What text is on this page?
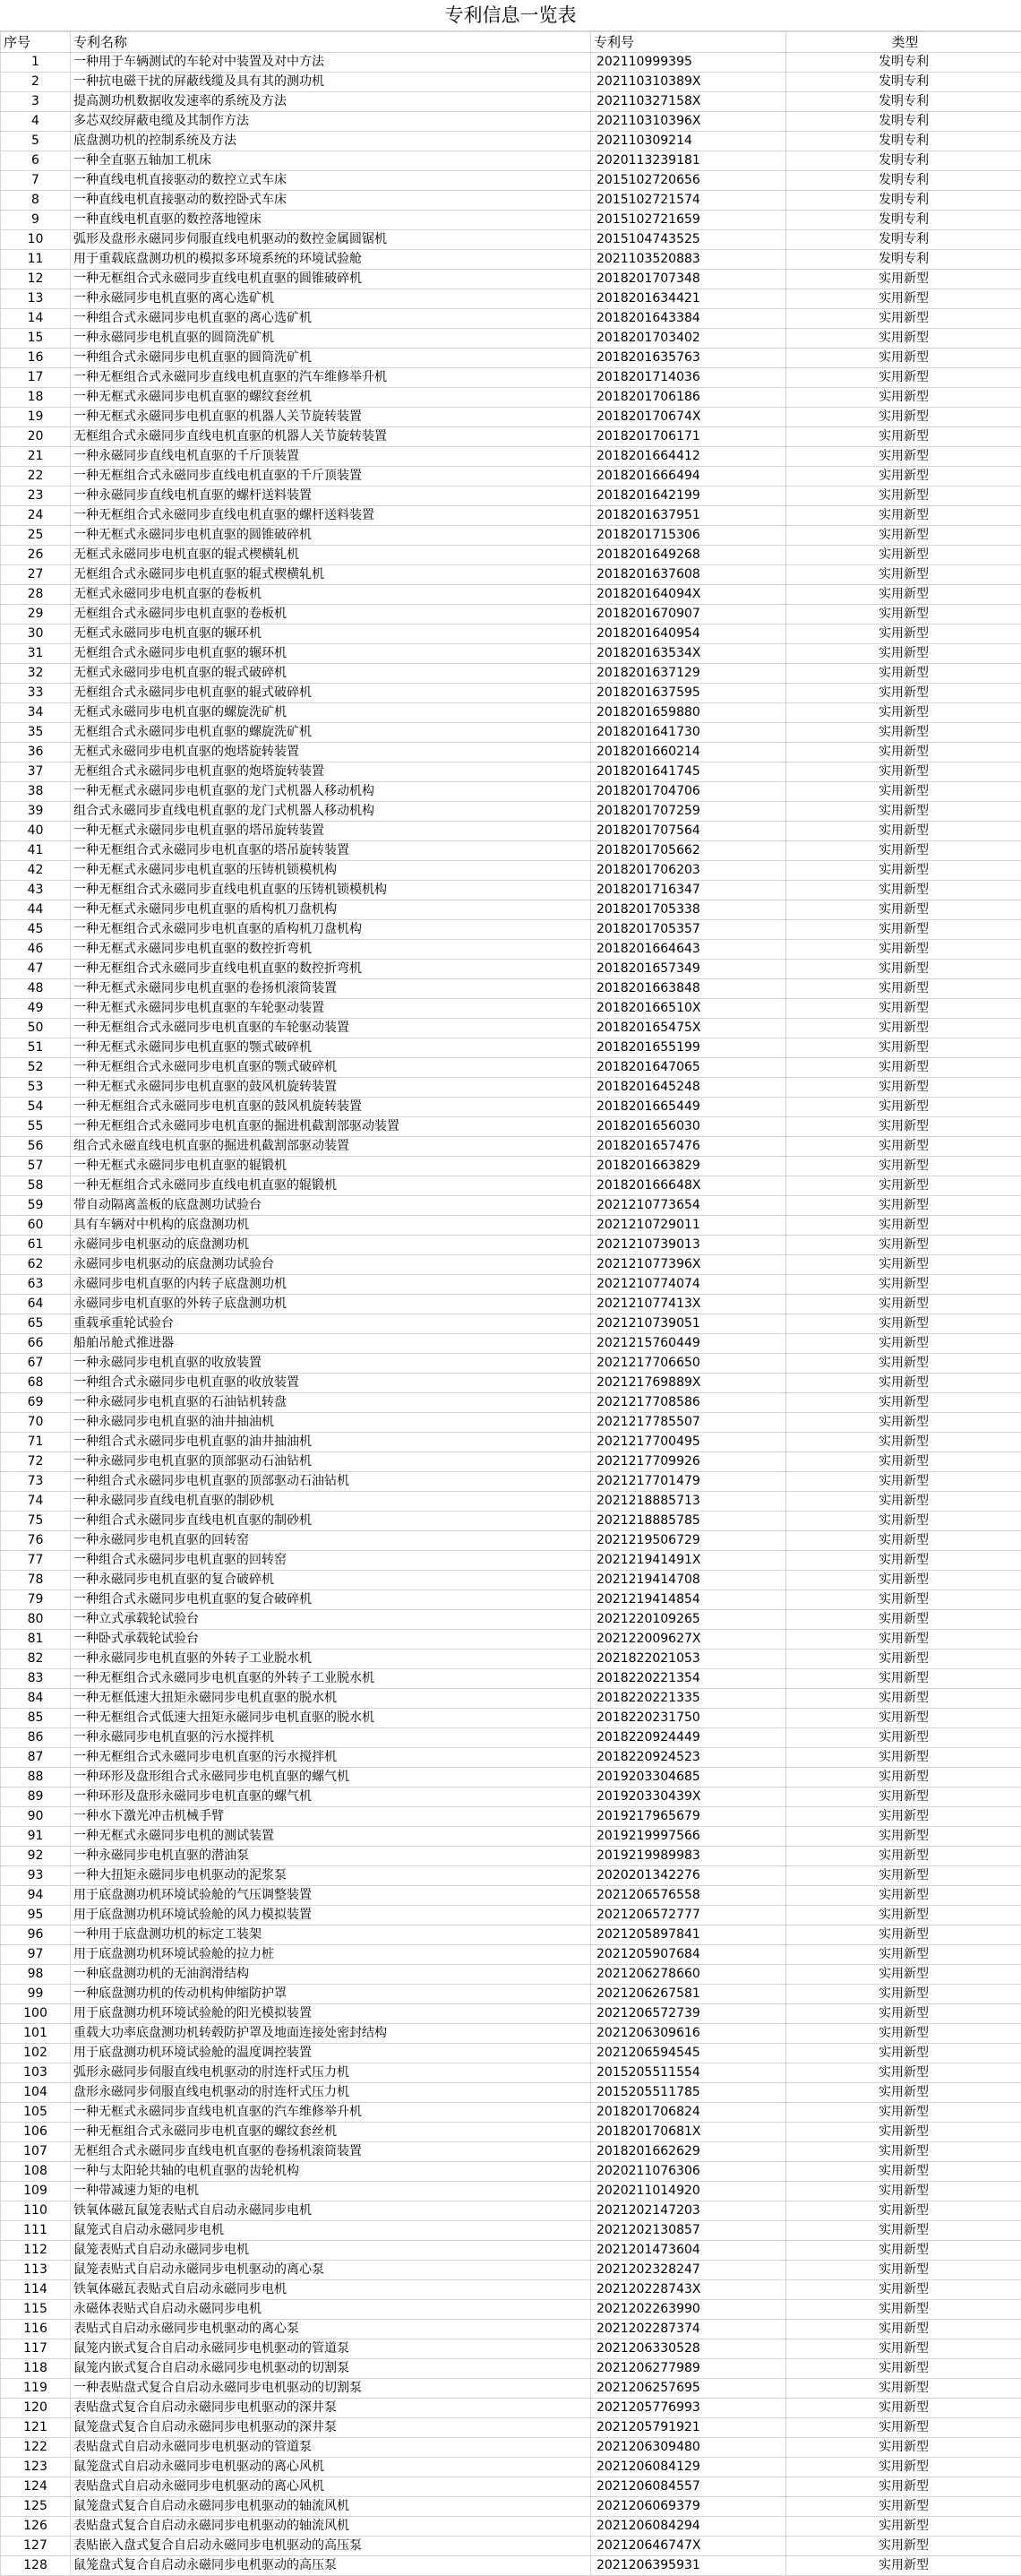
专利信息一览表
序号	专利名称	专利号	类型
1	一种用于车辆测试的车轮对中装置及对中方法	202110999395	发明专利
2	一种抗电磁干扰的屏蔽线缆及具有其的测功机	202110310389X	发明专利
3	提高测功机数据收发速率的系统及方法	202110327158X	发明专利
4	多芯双绞屏蔽电缆及其制作方法	2021103103​96X	发明专利
5	底盘测功机的控制系统及方法	202110309214	发明专利
6	一种全直驱五轴加工机床	2020113239181	发明专利
7	一种直线电机直接驱动的数控立式车床	2015102720656	发明专利
8	一种直线电机直接驱动的数控卧式车床	2015102721574	发明专利
9	一种直线电机直驱的数控落地镗床	2015102721659	发明专利
10	弧形及盘形永磁同步伺服直线电机驱动的数控金属圆锯机	2015104743525	发明专利
11	用于重载底盘测功机的模拟多环境系统的环境试验舱	2021103520883	发明专利
12	一种无框组合式永磁同步直线电机直驱的圆锥破碎机	2018201707348	实用新型
13	一种永磁同步电机直驱的离心选矿机	2018201634421	实用新型
14	一种组合式永磁同步电机直驱的离心选矿机	2018201643384	实用新型
15	一种永磁同步电机直驱的圆筒洗矿机	2018201703402	实用新型
16	一种组合式永磁同步电机直驱的圆筒洗矿机	2018201635763	实用新型
17	一种无框组合式永磁同步直线电机直驱的汽车维修举升机	2018201714036	实用新型
18	一种无框式永磁同步电机直驱的螺纹套丝机	2018201706186	实用新型
19	一种无框式永磁同步电机直驱的机器人关节旋转装置	201820170674X	实用新型
20	无框组合式永磁同步直线电机直驱的机器人关节旋转装置	2018201706171	实用新型
21	一种永磁同步直线电机直驱的千斤顶装置	2018201664412	实用新型
22	一种无框组合式永磁同步直线电机直驱的千斤顶装置	2018201666494	实用新型
23	一种永磁同步直线电机直驱的螺杆送料装置	2018201642199	实用新型
24	一种无框组合式永磁同步直线电机直驱的螺杆送料装置	2018201637951	实用新型
25	一种无框式永磁同步电机直驱的圆锥破碎机	2018201715306	实用新型
26	无框式永磁同步电机直驱的辊式楔横轧机	2018201649268	实用新型
27	无框组合式永磁同步电机直驱的辊式楔横轧机	2018201637608	实用新型
28	无框式永磁同步电机直驱的卷板机	201820164094X	实用新型
29	无框组合式永磁同步电机直驱的卷板机	2018201670907	实用新型
30	无框式永磁同步电机直驱的辗环机	2018201640954	实用新型
31	无框组合式永磁同步电机直驱的辗环机	201820163534X	实用新型
32	无框式永磁同步电机直驱的辊式破碎机	2018201637129	实用新型
33	无框组合式永磁同步电机直驱的辊式破碎机	2018201637595	实用新型
34	无框式永磁同步电机直驱的螺旋洗矿机	2018201659880	实用新型
35	无框组合式永磁同步电机直驱的螺旋洗矿机	2018201641730	实用新型
36	无框式永磁同步电机直驱的炮塔旋转装置	2018201660214	实用新型
37	无框组合式永磁同步电机直驱的炮塔旋转装置	2018201641745	实用新型
38	一种无框式永磁同步电机直驱的龙门式机器人移动机构	2018201704706	实用新型
39	组合式永磁同步直线电机直驱的龙门式机器人移动机构	2018201707259	实用新型
40	一种无框式永磁同步电机直驱的塔吊旋转装置	2018201707564	实用新型
41	一种无框组合式永磁同步电机直驱的塔吊旋转装置	2018201705662	实用新型
42	一种无框式永磁同步电机直驱的压铸机锁模机构	2018201706203	实用新型
43	一种无框组合式永磁同步直线电机直驱的压铸机锁模机构	2018201716347	实用新型
44	一种无框式永磁同步电机直驱的盾构机刀盘机构	2018201705338	实用新型
45	一种无框组合式永磁同步电机直驱的盾构机刀盘机构	2018201705357	实用新型
46	一种无框式永磁同步电机直驱的数控折弯机	2018201664643	实用新型
47	一种无框组合式永磁同步直线电机直驱的数控折弯机	2018201657349	实用新型
48	一种无框式永磁同步电机直驱的卷扬机滚筒装置	2018201663848	实用新型
49	一种无框式永磁同步电机直驱的车轮驱动装置	201820166510X	实用新型
50	一种无框组合式永磁同步电机直驱的车轮驱动装置	201820165475X	实用新型
51	一种无框式永磁同步电机直驱的颚式破碎机	2018201655199	实用新型
52	一种无框组合式永磁同步电机直驱的颚式破碎机	2018201647065	实用新型
53	一种无框式永磁同步电机直驱的鼓风机旋转装置	2018201645248	实用新型
54	一种无框组合式永磁同步电机直驱的鼓风机旋转装置	2018201665449	实用新型
55	一种无框组合式永磁同步电机直驱的掘进机截割部驱动装置	2018201656030	实用新型
56	组合式永磁直线电机直驱的掘进机截割部驱动装置	2018201657476	实用新型
57	一种无框式永磁同步电机直驱的辊锻机	2018201663829	实用新型
58	一种无框组合式永磁同步直线电机直驱的辊锻机	201820166648X	实用新型
59	带自动隔离盖板的底盘测功试验台	2021210773654	实用新型
60	具有车辆对中机构的底盘测功机	2021210729011	实用新型
61	永磁同步电机驱动的底盘测功机	2021210739013	实用新型
62	永磁同步电机驱动的底盘测功试验台	202121077396X	实用新型
63	永磁同步电机直驱的内转子底盘测功机	2021210774074	实用新型
64	永磁同步电机直驱的外转子底盘测功机	202121077413X	实用新型
65	重载承重轮试验台	2021210739051	实用新型
66	船舶吊舱式推进器	2021215760449	实用新型
67	一种永磁同步电机直驱的收放装置	2021217706650	实用新型
68	一种组合式永磁同步电机直驱的收放装置	202121769889X	实用新型
69	一种永磁同步电机直驱的石油钻机转盘	2021217708586	实用新型
70	一种永磁同步电机直驱的油井抽油机	2021217785507	实用新型
71	一种组合式永磁同步电机直驱的油井抽油机	2021217700495	实用新型
72	一种永磁同步电机直驱的顶部驱动石油钻机	2021217709926	实用新型
73	一种组合式永磁同步电机直驱的顶部驱动石油钻机	2021217701479	实用新型
74	一种永磁同步直线电机直驱的制砂机	2021218885713	实用新型
75	一种组合式永磁同步直线电机直驱的制砂机	2021218885785	实用新型
76	一种永磁同步电机直驱的回转窑	2021219506729	实用新型
77	一种组合式永磁同步电机直驱的回转窑	202121941491X	实用新型
78	一种永磁同步电机直驱的复合破碎机	2021219414708	实用新型
79	一种组合式永磁同步电机直驱的复合破碎机	2021219414854	实用新型
80	一种立式承载轮试验台	2021220109265	实用新型
81	一种卧式承载轮试验台	202122009627X	实用新型
82	一种永磁同步电机直驱的外转子工业脱水机	2021822021053	实用新型
83	一种无框组合式永磁同步电机直驱的外转子工业脱水机	2018220221354	实用新型
84	一种无框低速大扭矩永磁同步电机直驱的脱水机	2018220221335	实用新型
85	一种无框组合式低速大扭矩永磁同步电机直驱的脱水机	2018220231750	实用新型
86	一种永磁同步电机直驱的污水搅拌机	2018220924449	实用新型
87	一种无框组合式永磁同步电机直驱的污水搅拌机	2018220924523	实用新型
88	一种环形及盘形组合式永磁同步电机直驱的螺气机	2019203304685	实用新型
89	一种环形及盘形永磁同步电机直驱的螺气机	201920330439X	实用新型
90	一种水下激光冲击机械手臂	2019217965679	实用新型
91	一种无框式永磁同步电机的测试装置	2019219997566	实用新型
92	一种永磁同步电机直驱的潜油泵	2019219989983	实用新型
93	一种大扭矩永磁同步电机驱动的泥浆泵	2020201342276	实用新型
94	用于底盘测功机环境试验舱的气压调整装置	2021206576558	实用新型
95	用于底盘测功机环境试验舱的风力模拟装置	2021206572777	实用新型
96	一种用于底盘测功机的标定工装架	2021205897841	实用新型
97	用于底盘测功机环境试验舱的拉力桩	2021205907684	实用新型
98	一种底盘测功机的无油润滑结构	2021206278660	实用新型
99	一种底盘测功机的传动机构伸缩防护罩	2021206267581	实用新型
100	用于底盘测功机环境试验舱的阳光模拟装置	2021206572739	实用新型
101	重载大功率底盘测功机转毂防护罩及地面连接处密封结构	2021206309616	实用新型
102	用于底盘测功机环境试验舱的温度调控装置	2021206594545	实用新型
103	弧形永磁同步伺服直线电机驱动的肘连杆式压力机	2015205511554	实用新型
104	盘形永磁同步伺服直线电机驱动的肘连杆式压力机	2015205511785	实用新型
105	一种无框式永磁同步直线电机直驱的汽车维修举升机	2018201706824	实用新型
106	一种无框组合式永磁同步电机直驱的螺纹套丝机	201820170681X	实用新型
107	无框组合式永磁同步直线电机直驱的卷扬机滚筒装置	2018201662629	实用新型
108	一种与太阳轮共轴的电机直驱的齿轮机构	2020211076306	实用新型
109	一种带减速力矩的电机	2020211014920	实用新型
110	铁氧体磁瓦鼠笼表贴式自启动永磁同步电机	2021202147203	实用新型
111	鼠笼式自启动永磁同步电机	2021202130857	实用新型
112	鼠笼表贴式自启动永磁同步电机	2021201473604	实用新型
113	鼠笼表贴式自启动永磁同步电机驱动的离心泵	2021202328247	实用新型
114	铁氧体磁瓦表贴式自启动永磁同步电机	202120228743X	实用新型
115	永磁体表贴式自启动永磁同步电机	2021202263990	实用新型
116	表贴式自启动永磁同步电机驱动的离心泵	2021202287374	实用新型
117	鼠笼内嵌式复合自启动永磁同步电机驱动的管道泵	2021206330528	实用新型
118	鼠笼内嵌式复合自启动永磁同步电机驱动的切割泵	2021206277989	实用新型
119	一种表贴盘式复合自启动永磁同步电机驱动的切割泵	2021206257695	实用新型
120	表贴盘式复合自启动永磁同步电机驱动的深井泵	2021205776993	实用新型
121	鼠笼盘式复合自启动永磁同步电机驱动的深井泵	2021205791921	实用新型
122	表贴盘式自启动永磁同步电机驱动的管道泵	2021206309480	实用新型
123	鼠笼盘式自启动永磁同步电机驱动的离心风机	2021206084129	实用新型
124	表贴盘式自启动永磁同步电机驱动的离心风机	2021206084557	实用新型
125	鼠笼盘式复合自启动永磁同步电机驱动的轴流风机	2021206069379	实用新型
126	表贴盘式复合自启动永磁同步电机驱动的轴流风机	2021206084294	实用新型
127	表贴嵌入盘式复合自启动永磁同步电机驱动的高压泵	202120646747X	实用新型
128	鼠笼盘式复合自启动永磁同步电机驱动的高压泵	2021206395931	实用新型
